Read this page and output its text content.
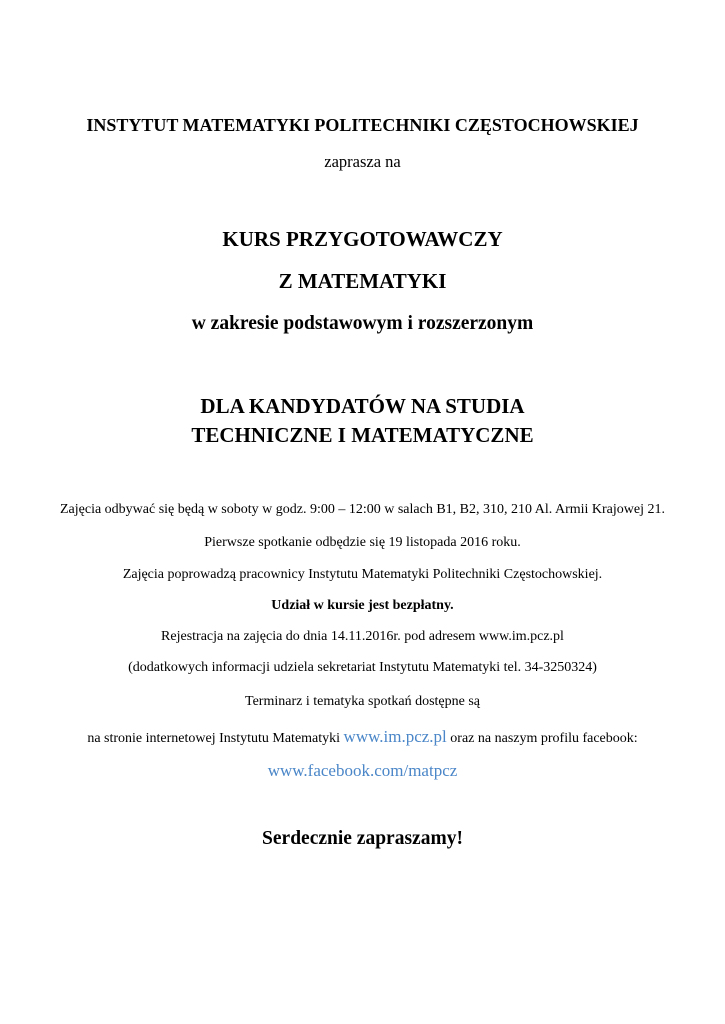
INSTYTUT MATEMATYKI POLITECHNIKI CZĘSTOCHOWSKIEJ
zaprasza na
KURS PRZYGOTOWAWCZY
Z MATEMATYKI
w zakresie podstawowym i rozszerzonym
DLA KANDYDATÓW NA STUDIA
TECHNICZNE I MATEMATYCZNE
Zajęcia odbywać się będą w soboty w godz. 9:00 – 12:00 w salach B1, B2, 310, 210 Al. Armii Krajowej 21.
Pierwsze spotkanie odbędzie się 19 listopada 2016 roku.
Zajęcia poprowadzą pracownicy Instytutu Matematyki Politechniki Częstochowskiej.
Udział w kursie jest bezpłatny.
Rejestracja na zajęcia do dnia 14.11.2016r. pod adresem www.im.pcz.pl
(dodatkowych informacji udziela sekretariat Instytutu Matematyki tel. 34-3250324)
Terminarz i tematyka spotkań dostępne są
na stronie internetowej Instytutu Matematyki www.im.pcz.pl oraz na naszym profilu facebook:
www.facebook.com/matpcz
Serdecznie zapraszamy!
